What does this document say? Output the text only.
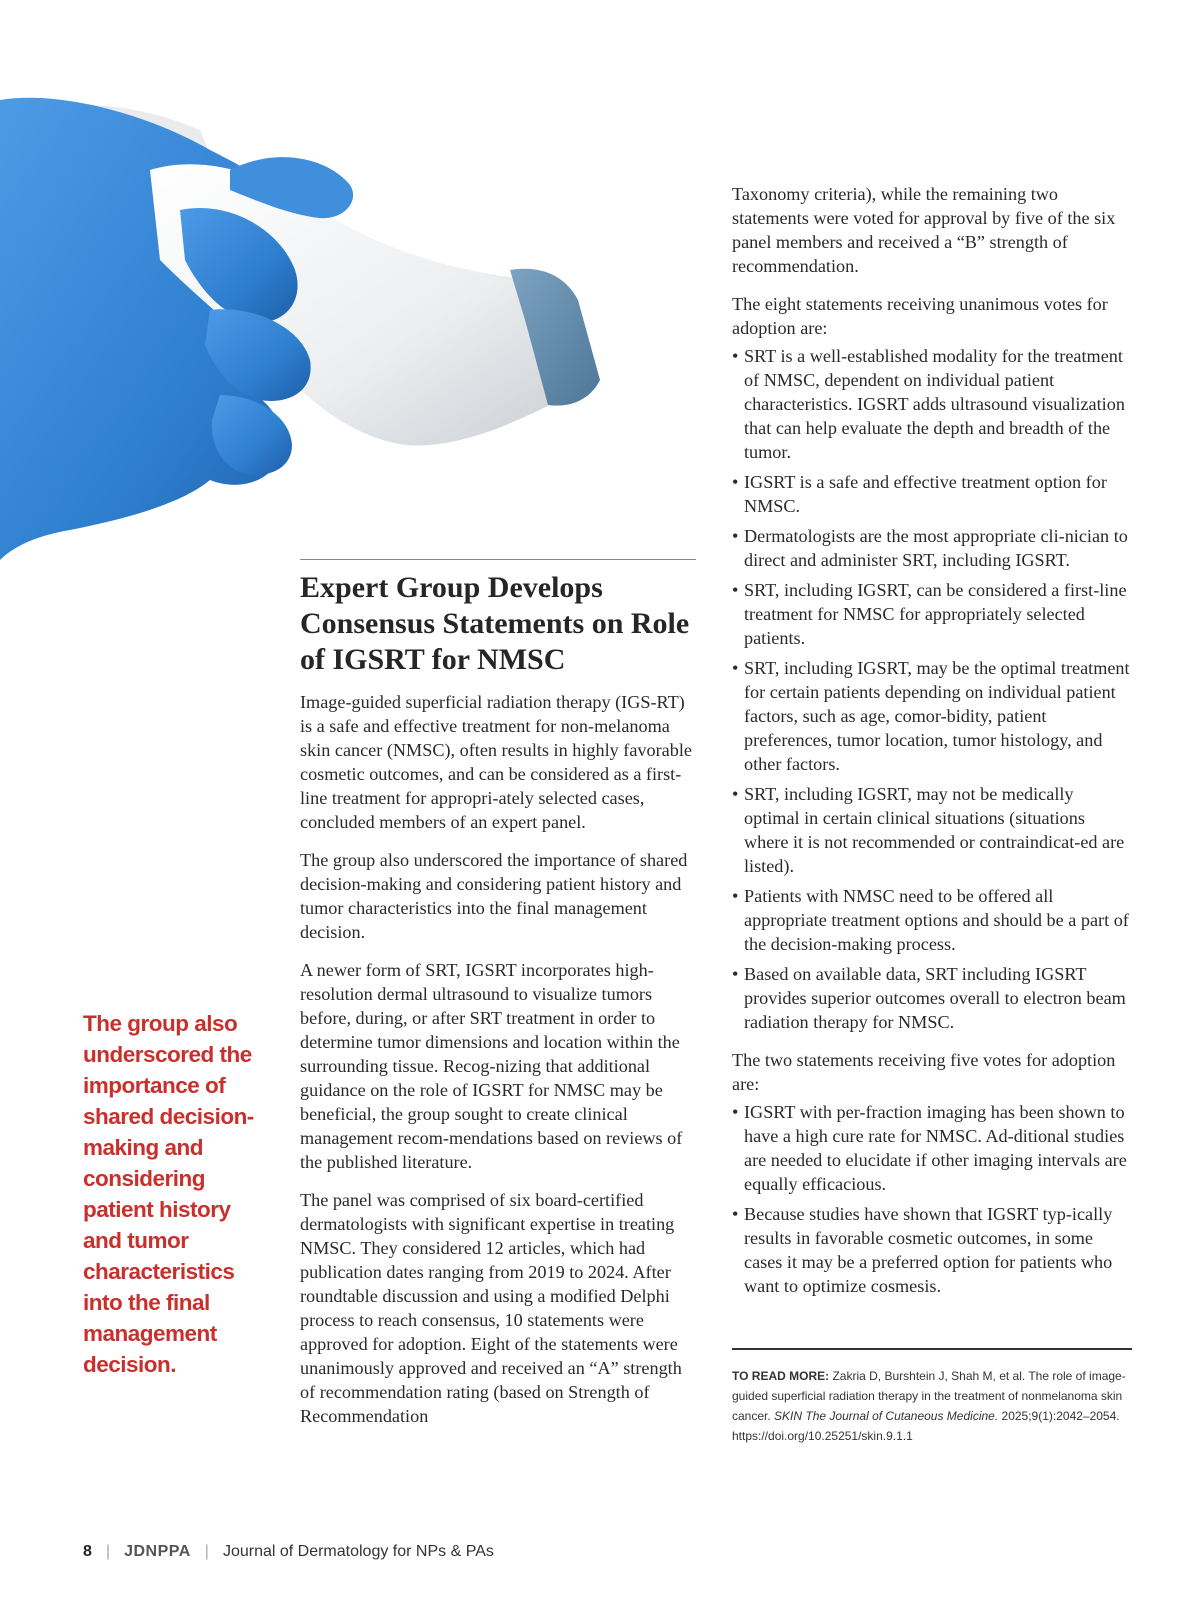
Expert Group Develops Consensus Statements on Role of IGSRT for NMSC

Image-guided superficial radiation therapy (IGS-RT) is a safe and effective treatment for non-melanoma skin cancer (NMSC), often results in highly favorable cosmetic outcomes, and can be considered as a first-line treatment for appropri-ately selected cases, concluded members of an expert panel.

The group also underscored the importance of shared decision-making and considering patient history and tumor characteristics into the final management decision.

A newer form of SRT, IGSRT incorporates high-resolution dermal ultrasound to visualize tumors before, during, or after SRT treatment in order to determine tumor dimensions and location within the surrounding tissue. Recog-nizing that additional guidance on the role of IGSRT for NMSC may be beneficial, the group sought to create clinical management recom-mendations based on reviews of the published literature.

The panel was comprised of six board-certified dermatologists with significant expertise in treating NMSC. They considered 12 articles, which had publication dates ranging from 2019 to 2024. After roundtable discussion and using a modified Delphi process to reach consensus, 10 statements were approved for adoption. Eight of the statements were unanimously approved and received an “A” strength of recommendation rating (based on Strength of Recommendation

The group also underscored the importance of shared decision-making and considering patient history and tumor characteristics into the final management decision.

Taxonomy criteria), while the remaining two statements were voted for approval by five of the six panel members and received a “B” strength of recommendation.

The eight statements receiving unanimous votes for adoption are:

• SRT is a well-established modality for the treatment of NMSC, dependent on individual patient characteristics. IGSRT adds ultrasound visualization that can help evaluate the depth and breadth of the tumor.
• IGSRT is a safe and effective treatment option for NMSC.
• Dermatologists are the most appropriate cli-nician to direct and administer SRT, including IGSRT.
• SRT, including IGSRT, can be considered a first-line treatment for NMSC for appropriately selected patients.
• SRT, including IGSRT, may be the optimal treatment for certain patients depending on individual patient factors, such as age, comor-bidity, patient preferences, tumor location, tumor histology, and other factors.
• SRT, including IGSRT, may not be medically optimal in certain clinical situations (situations where it is not recommended or contraindicat-ed are listed).
• Patients with NMSC need to be offered all appropriate treatment options and should be a part of the decision-making process.
• Based on available data, SRT including IGSRT provides superior outcomes overall to electron beam radiation therapy for NMSC.

The two statements receiving five votes for adoption are:

• IGSRT with per-fraction imaging has been shown to have a high cure rate for NMSC. Ad-ditional studies are needed to elucidate if other imaging intervals are equally efficacious.
• Because studies have shown that IGSRT typ-ically results in favorable cosmetic outcomes, in some cases it may be a preferred option for patients who want to optimize cosmesis.

TO READ MORE: Zakria D, Burshtein J, Shah M, et al. The role of image-guided superficial radiation therapy in the treatment of nonmelanoma skin cancer. SKIN The Journal of Cutaneous Medicine. 2025;9(1):2042–2054. https://doi.org/10.25251/skin.9.1.1

8 | JDNPPA | Journal of Dermatology for NPs & PAs
